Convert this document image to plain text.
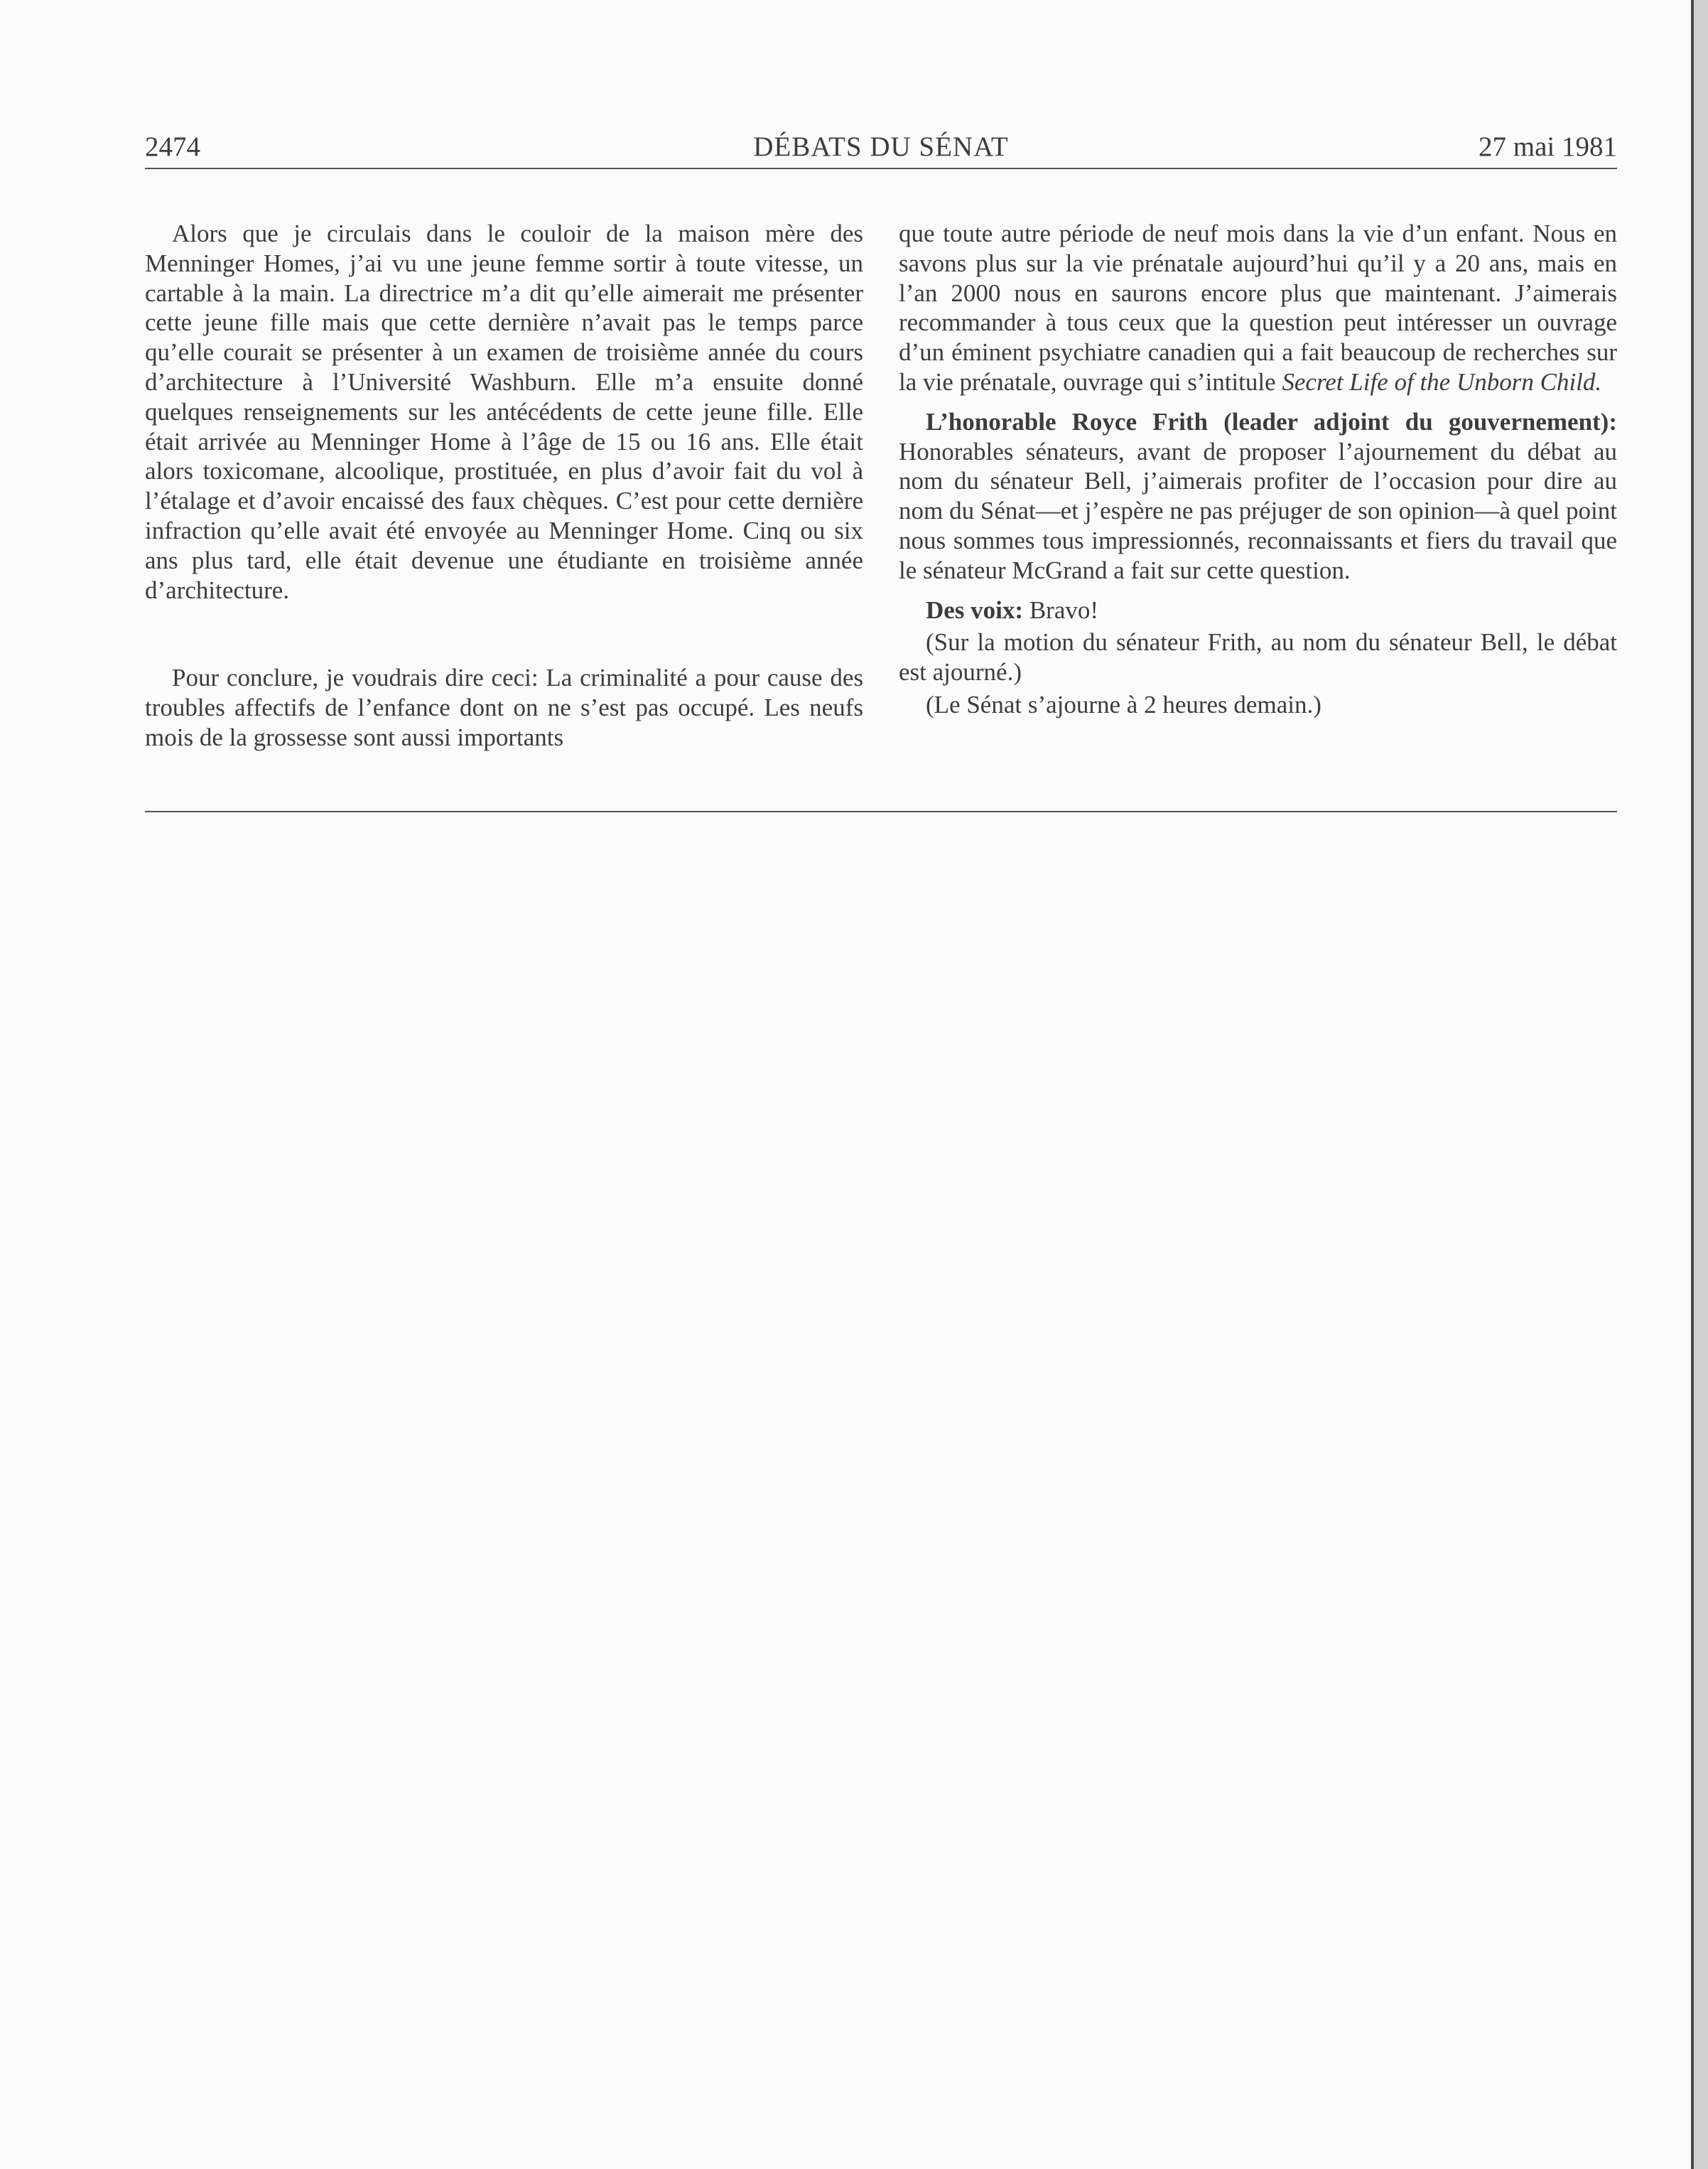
2474	DÉBATS DU SÉNAT	27 mai 1981

Alors que je circulais dans le couloir de la maison mère des Menninger Homes, j’ai vu une jeune femme sortir à toute vitesse, un cartable à la main. La directrice m’a dit qu’elle aimerait me présenter cette jeune fille mais que cette dernière n’avait pas le temps parce qu’elle courait se présenter à un examen de troisième année du cours d’architecture à l’Université Washburn. Elle m’a ensuite donné quelques renseignements sur les antécédents de cette jeune fille. Elle était arrivée au Menninger Home à l’âge de 15 ou 16 ans. Elle était alors toxicomane, alcoolique, prostituée, en plus d’avoir fait du vol à l’étalage et d’avoir encaissé des faux chèques. C’est pour cette dernière infraction qu’elle avait été envoyée au Menninger Home. Cinq ou six ans plus tard, elle était devenue une étudiante en troisième année d’architecture.

Pour conclure, je voudrais dire ceci: La criminalité a pour cause des troubles affectifs de l’enfance dont on ne s’est pas occupé. Les neufs mois de la grossesse sont aussi importants

que toute autre période de neuf mois dans la vie d’un enfant. Nous en savons plus sur la vie prénatale aujourd’hui qu’il y a 20 ans, mais en l’an 2000 nous en saurons encore plus que maintenant. J’aimerais recommander à tous ceux que la question peut intéresser un ouvrage d’un éminent psychiatre canadien qui a fait beaucoup de recherches sur la vie prénatale, ouvrage qui s’intitule Secret Life of the Unborn Child.

L’honorable Royce Frith (leader adjoint du gouvernement): Honorables sénateurs, avant de proposer l’ajournement du débat au nom du sénateur Bell, j’aimerais profiter de l’occasion pour dire au nom du Sénat—et j’espère ne pas préjuger de son opinion—à quel point nous sommes tous impressionnés, reconnaissants et fiers du travail que le sénateur McGrand a fait sur cette question.

Des voix: Bravo!

(Sur la motion du sénateur Frith, au nom du sénateur Bell, le débat est ajourné.)

(Le Sénat s’ajourne à 2 heures demain.)
